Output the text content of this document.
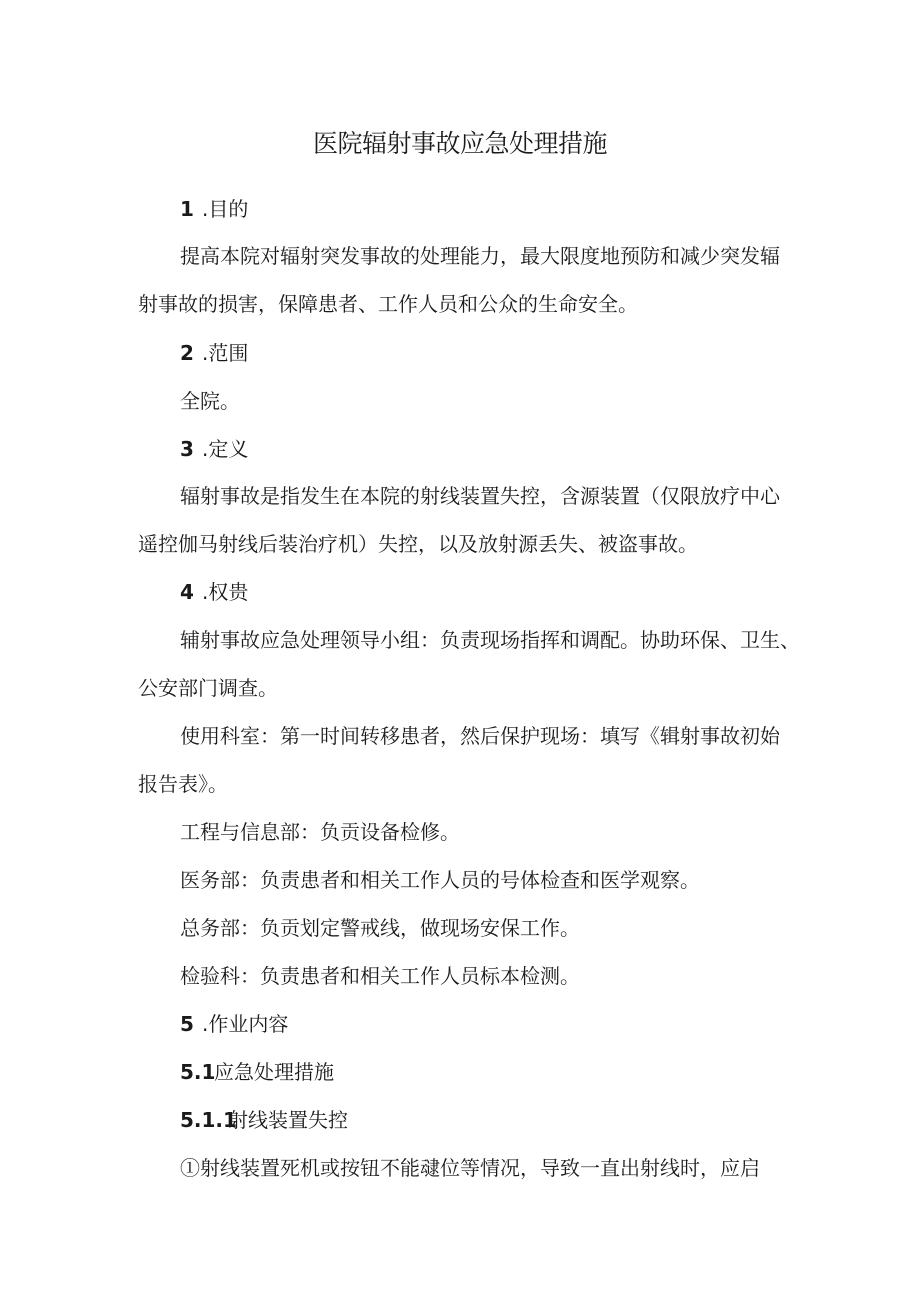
医院辐射事故应急处理措施
1 .目的
提高本院对辐射突发事故的处理能力，最大限度地预防和减少突发辐
射事故的损害，保障患者、工作人员和公众的生命安全。
2 .范围
全院。
3 .定义
辐射事故是指发生在本院的射线装置失控，含源装置（仅限放疗中心
遥控伽马射线后装治疗机）失控，以及放射源丢失、被盗事故。
4 .权贵
辅射事故应急处理领导小组：负责现场指挥和调配。协助环保、卫生、
公安部门调查。
使用科室：第一时间转移患者，然后保护现场：填写《辑射事故初始
报告表》。
工程与信息部：负贡设备检修。
医务部：负责患者和相关工作人员的号体检查和医学观察。
总务部：负贡划定警戒线，做现场安保工作。
检验科：负责患者和相关工作人员标本检测。
5 .作业内容
5.1应急处理措施
5.1.1射线装置失控
①射线装置死机或按钮不能叇位等情况，导致一直出射线时，应启
